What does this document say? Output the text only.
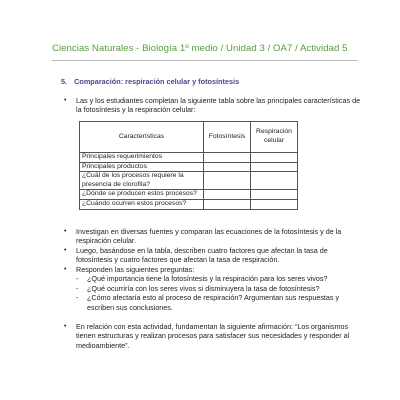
Ciencias Naturales - Biología 1º medio / Unidad 3 / OA7 / Actividad 5
5. Comparación: respiración celular y fotosíntesis
• Las y los estudiantes completan la siguiente tabla sobre las principales características de la fotosíntesis y la respiración celular:
Características	Fotosíntesis	Respiración celular
Principales requerimientos		
Principales productos		
¿Cuál de los procesos requiere la presencia de clorofila?		
¿Dónde se producen estos procesos?		
¿Cuándo ocurren estos procesos?		
• Investigan en diversas fuentes y comparan las ecuaciones de la fotosíntesis y de la respiración celular.
• Luego, basándose en la tabla, describen cuatro factores que afectan la tasa de fotosíntesis y cuatro factores que afectan la tasa de respiración.
• Responden las siguientes preguntas:
- ¿Qué importancia tiene la fotosíntesis y la respiración para los seres vivos?
- ¿Qué ocurriría con los seres vivos si disminuyera la tasa de fotosíntesis?
- ¿Cómo afectaría esto al proceso de respiración? Argumentan sus respuestas y escriben sus conclusiones.
• En relación con esta actividad, fundamentan la siguiente afirmación: “Los organismos tienen estructuras y realizan procesos para satisfacer sus necesidades y responder al medioambiente”.
